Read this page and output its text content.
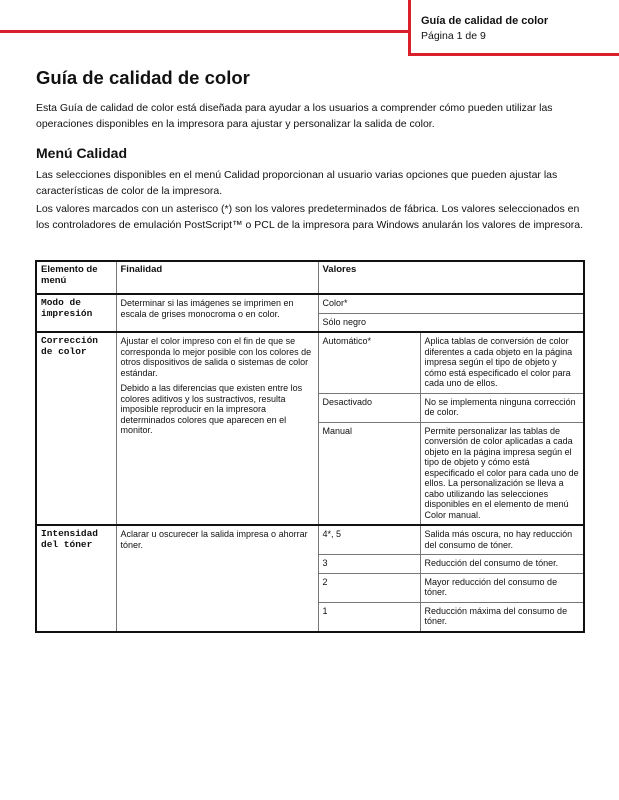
Guía de calidad de color
Página 1 de 9
Guía de calidad de color

Esta Guía de calidad de color está diseñada para ayudar a los usuarios a comprender cómo pueden utilizar las operaciones disponibles en la impresora para ajustar y personalizar la salida de color.

Menú Calidad

Las selecciones disponibles en el menú Calidad proporcionan al usuario varias opciones que pueden ajustar las características de color de la impresora.

Los valores marcados con un asterisco (*) son los valores predeterminados de fábrica. Los valores seleccionados en los controladores de emulación PostScript™ o PCL de la impresora para Windows anularán los valores de impresora.

Elemento de menú	Finalidad	Valores	
Modo de impresión	Determinar si las imágenes se imprimen en escala de grises monocroma o en color.	Color*	
		Sólo negro	
Corrección de color	Ajustar el color impreso con el fin de que se corresponda lo mejor posible con los colores de otros dispositivos de salida o sistemas de color estándar.

Debido a las diferencias que existen entre los colores aditivos y los sustractivos, resulta imposible reproducir en la impresora determinados colores que aparecen en el monitor.	Automático*	Aplica tablas de conversión de color diferentes a cada objeto en la página impresa según el tipo de objeto y cómo está especificado el color para cada uno de ellos.
		Desactivado	No se implementa ninguna corrección de color.
		Manual	Permite personalizar las tablas de conversión de color aplicadas a cada objeto en la página impresa según el tipo de objeto y cómo está especificado el color para cada uno de ellos. La personalización se lleva a cabo utilizando las selecciones disponibles en el elemento de menú Color manual.
Intensidad del tóner	Aclarar u oscurecer la salida impresa o ahorrar tóner.	4*, 5	Salida más oscura, no hay reducción del consumo de tóner.
		3	Reducción del consumo de tóner.
		2	Mayor reducción del consumo de tóner.
		1	Reducción máxima del consumo de tóner.
